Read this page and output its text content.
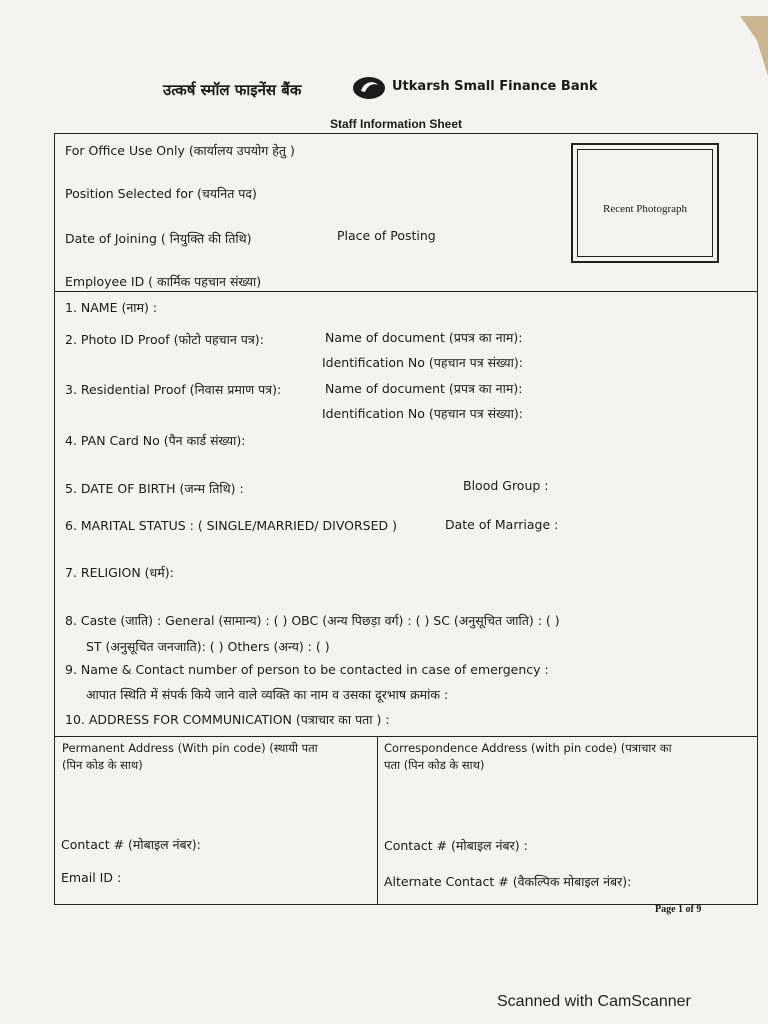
उत्कर्ष स्मॉल फाइनेंस बैंक	Utkarsh Small Finance Bank
Staff Information Sheet
Recent Photograph
For Office Use Only (कार्यालय उपयोग हेतु )
Position Selected for (चयनित पद)
Date of Joining ( नियुक्ति की तिथि)	Place of Posting
Employee ID ( कार्मिक पहचान संख्या)
1. NAME (नाम) :
2. Photo ID Proof (फोटो पहचान पत्र):	Name of document (प्रपत्र का नाम):
Identification No (पहचान पत्र संख्या):
3. Residential Proof (निवास प्रमाण पत्र):	Name of document (प्रपत्र का नाम):
Identification No (पहचान पत्र संख्या):
4. PAN Card No (पैन कार्ड संख्या):
5. DATE OF BIRTH (जन्म तिथि) :	Blood Group :
6. MARITAL STATUS : ( SINGLE/MARRIED/ DIVORSED )	Date of Marriage :
7. RELIGION (धर्म):
8. Caste (जाति) : General (सामान्य) : ( ) OBC (अन्य पिछड़ा वर्ग) : ( ) SC (अनुसूचित जाति) : ( )
ST (अनुसूचित जनजाति): ( ) Others (अन्य) : ( )
9. Name & Contact number of person to be contacted in case of emergency :
आपात स्थिति में संपर्क किये जाने वाले व्यक्ति का नाम व उसका दूरभाष क्रमांक :
10. ADDRESS FOR COMMUNICATION (पत्राचार का पता ) :
Permanent Address (With pin code) (स्थायी पता
(पिन कोड के साथ)
Correspondence Address (with pin code) (पत्राचार का
पता (पिन कोड के साथ)
Contact # (मोबाइल नंबर):	Contact # (मोबाइल नंबर) :
Email ID :	Alternate Contact # (वैकल्पिक मोबाइल नंबर):
Page 1 of 9
Scanned with CamScanner
